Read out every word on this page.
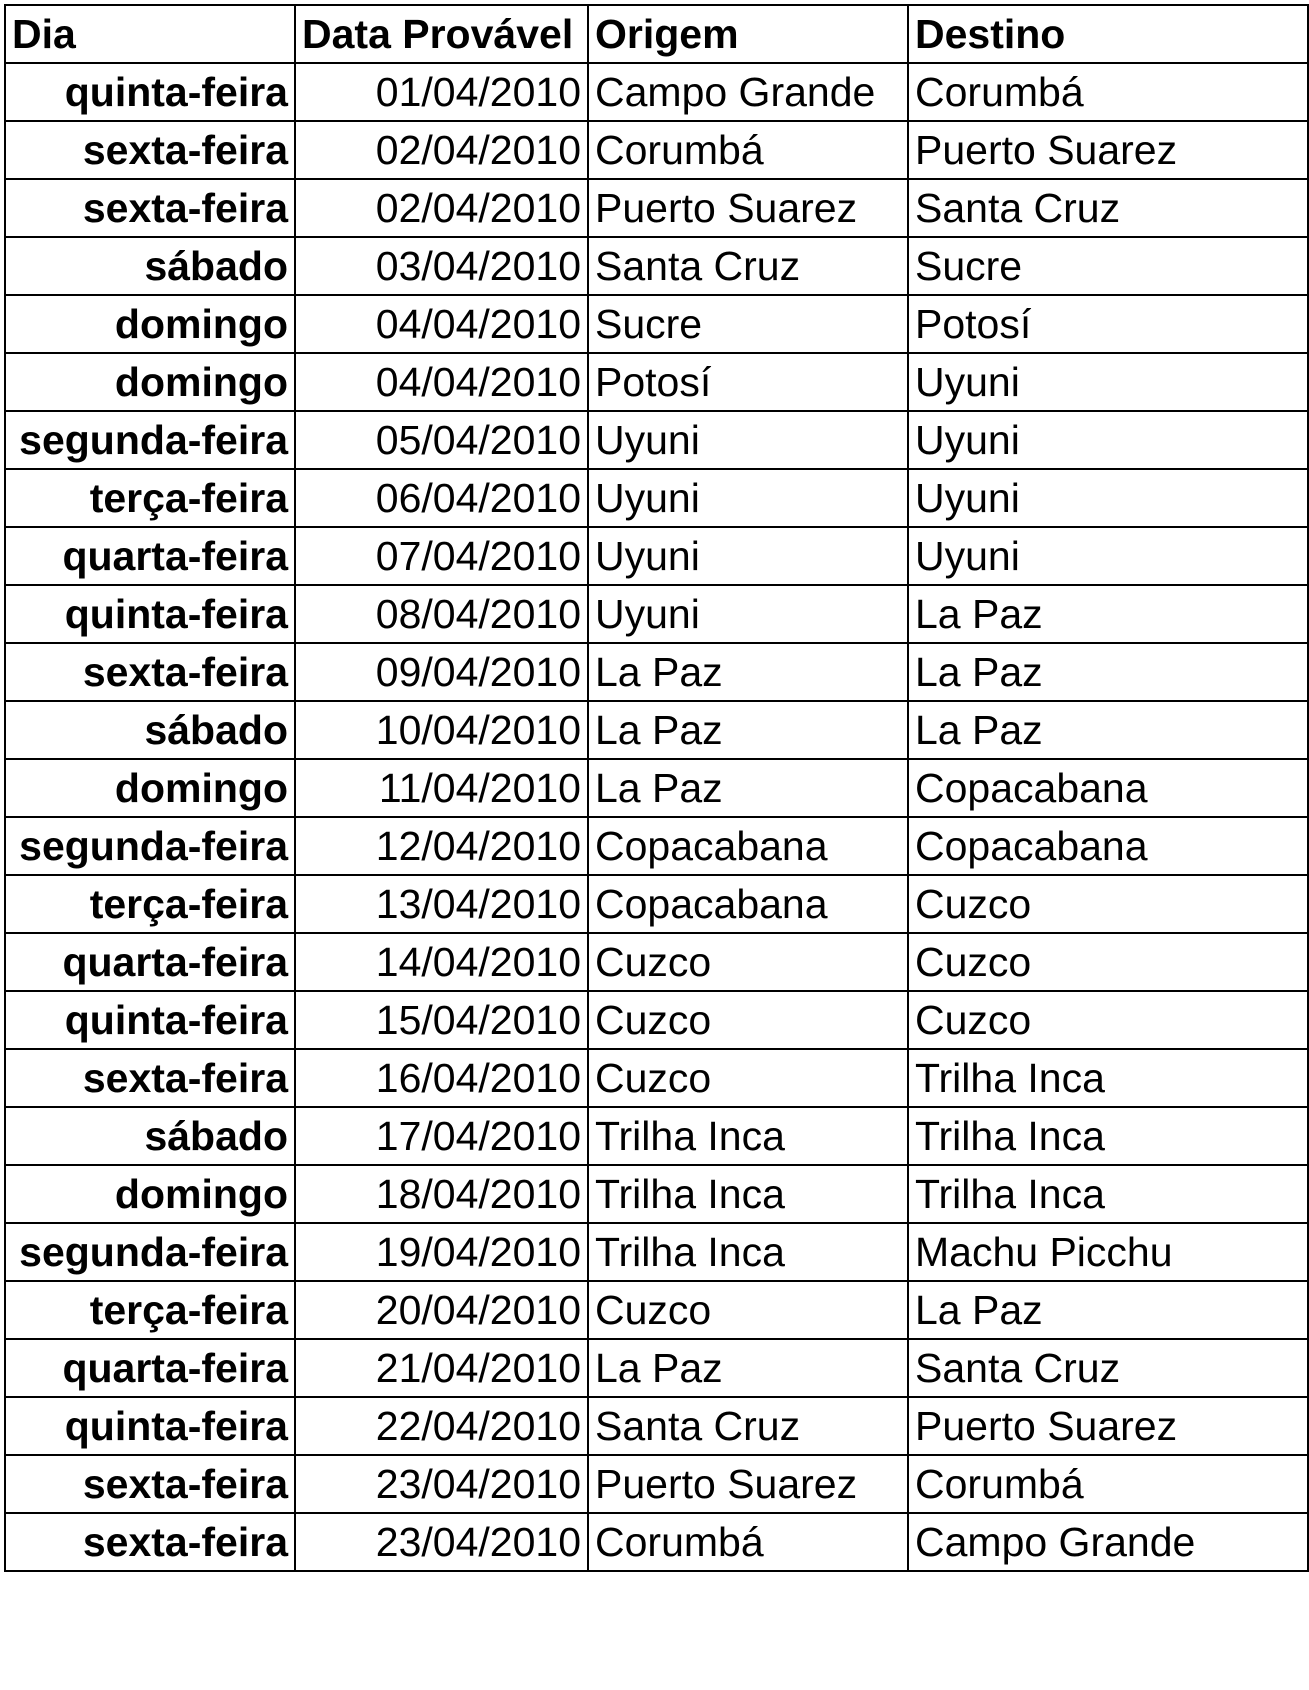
Dia	Data Provável	Origem	Destino
quinta-feira	01/04/2010	Campo Grande	Corumbá
sexta-feira	02/04/2010	Corumbá	Puerto Suarez
sexta-feira	02/04/2010	Puerto Suarez	Santa Cruz
sábado	03/04/2010	Santa Cruz	Sucre
domingo	04/04/2010	Sucre	Potosí
domingo	04/04/2010	Potosí	Uyuni
segunda-feira	05/04/2010	Uyuni	Uyuni
terça-feira	06/04/2010	Uyuni	Uyuni
quarta-feira	07/04/2010	Uyuni	Uyuni
quinta-feira	08/04/2010	Uyuni	La Paz
sexta-feira	09/04/2010	La Paz	La Paz
sábado	10/04/2010	La Paz	La Paz
domingo	11/04/2010	La Paz	Copacabana
segunda-feira	12/04/2010	Copacabana	Copacabana
terça-feira	13/04/2010	Copacabana	Cuzco
quarta-feira	14/04/2010	Cuzco	Cuzco
quinta-feira	15/04/2010	Cuzco	Cuzco
sexta-feira	16/04/2010	Cuzco	Trilha Inca
sábado	17/04/2010	Trilha Inca	Trilha Inca
domingo	18/04/2010	Trilha Inca	Trilha Inca
segunda-feira	19/04/2010	Trilha Inca	Machu Picchu
terça-feira	20/04/2010	Cuzco	La Paz
quarta-feira	21/04/2010	La Paz	Santa Cruz
quinta-feira	22/04/2010	Santa Cruz	Puerto Suarez
sexta-feira	23/04/2010	Puerto Suarez	Corumbá
sexta-feira	23/04/2010	Corumbá	Campo Grande
